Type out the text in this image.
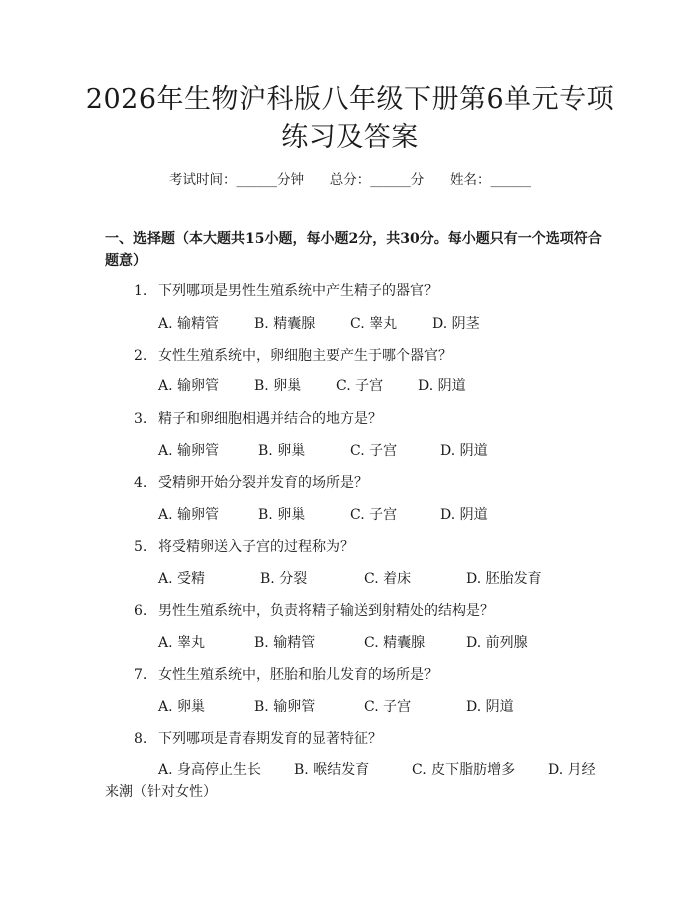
2026年生物沪科版八年级下册第6单元专项
练习及答案
考试时间：______分钟      总分：______分      姓名：______
一、选择题（本大题共15小题，每小题2分，共30分。每小题只有一个选项符合题意）
1. 下列哪项是男性生殖系统中产生精子的器官？
A. 输精管 B. 精囊腺 C. 睾丸 D. 阴茎
2. 女性生殖系统中，卵细胞主要产生于哪个器官？
A. 输卵管 B. 卵巢 C. 子宫 D. 阴道
3. 精子和卵细胞相遇并结合的地方是？
A. 输卵管	B. 卵巢	C. 子宫	D. 阴道
4. 受精卵开始分裂并发育的场所是？
A. 输卵管	B. 卵巢	C. 子宫	D. 阴道
5. 将受精卵送入子宫的过程称为？
A. 受精	B. 分裂	C. 着床	D. 胚胎发育
6. 男性生殖系统中，负责将精子输送到射精处的结构是？
A. 睾丸	B. 输精管	C. 精囊腺	D. 前列腺
7. 女性生殖系统中，胚胎和胎儿发育的场所是？
A. 卵巢	B. 输卵管	C. 子宫	D. 阴道
8. 下列哪项是青春期发育的显著特征？
A. 身高停止生长 B. 喉结发育	C. 皮下脂肪增多 D. 月经
来潮（针对女性）
